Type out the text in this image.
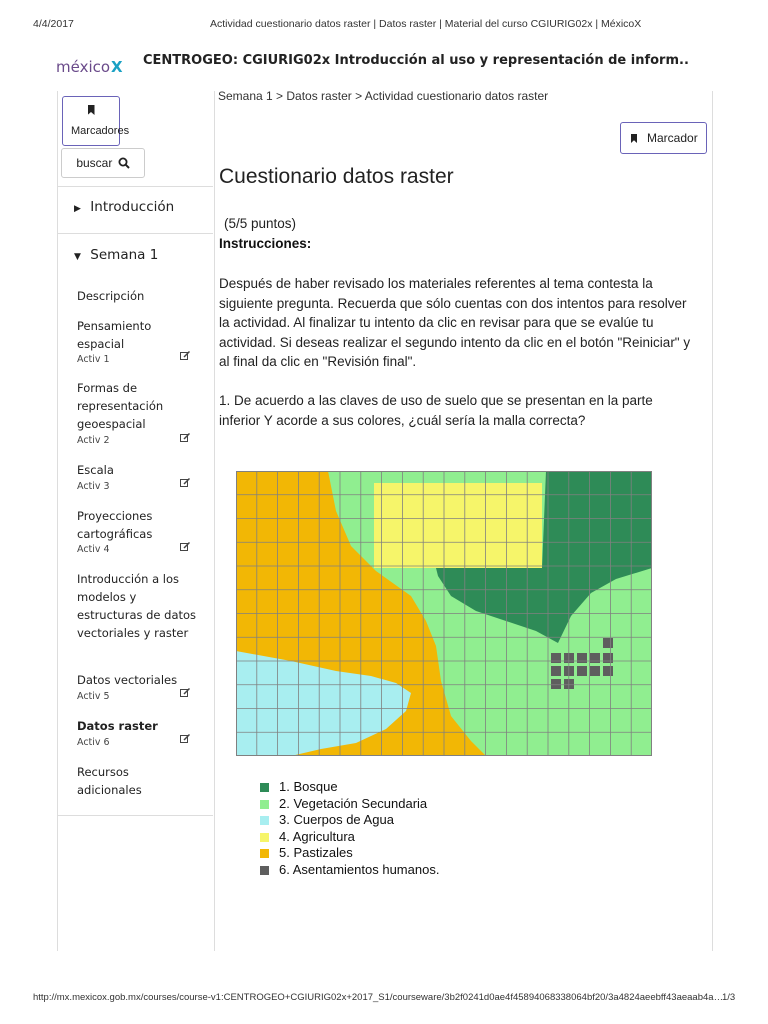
4/4/2017	Actividad cuestionario datos raster | Datos raster | Material del curso CGIURIG02x | MéxicoX
http://mx.mexicox.gob.mx/courses/course-v1:CENTROGEO+CGIURIG02x+2017_S1/courseware/3b2f0241d0ae4f45894068338064bf20/3a4824aeebff43aeaab4a…
1/3
méxicoX CENTROGEO: CGIURIG02x Introducción al uso y representación de inform..
Marcadores
buscar
▶ Introducción
▼ Semana 1
Descripción
Pensamiento espacial
Activ 1
Formas de representación geoespacial
Activ 2
Escala
Activ 3
Proyecciones cartográficas
Activ 4
Introducción a los modelos y estructuras de datos vectoriales y raster
Datos vectoriales
Activ 5
Datos raster
Activ 6
Recursos adicionales
Semana 1 > Datos raster > Actividad cuestionario datos raster
Marcador
Cuestionario datos raster
(5/5 puntos)
Instrucciones:
Después de haber revisado los materiales referentes al tema contesta la
siguiente pregunta. Recuerda que sólo cuentas con dos intentos para resolver
la actividad. Al finalizar tu intento da clic en revisar para que se evalúe tu
actividad. Si deseas realizar el segundo intento da clic en el botón "Reiniciar" y
al final da clic en "Revisión final".
1. De acuerdo a las claves de uso de suelo que se presentan en la parte
inferior Y acorde a sus colores, ¿cuál sería la malla correcta?
1. Bosque
2. Vegetación Secundaria
3. Cuerpos de Agua
4. Agricultura
5. Pastizales
6. Asentamientos humanos.
